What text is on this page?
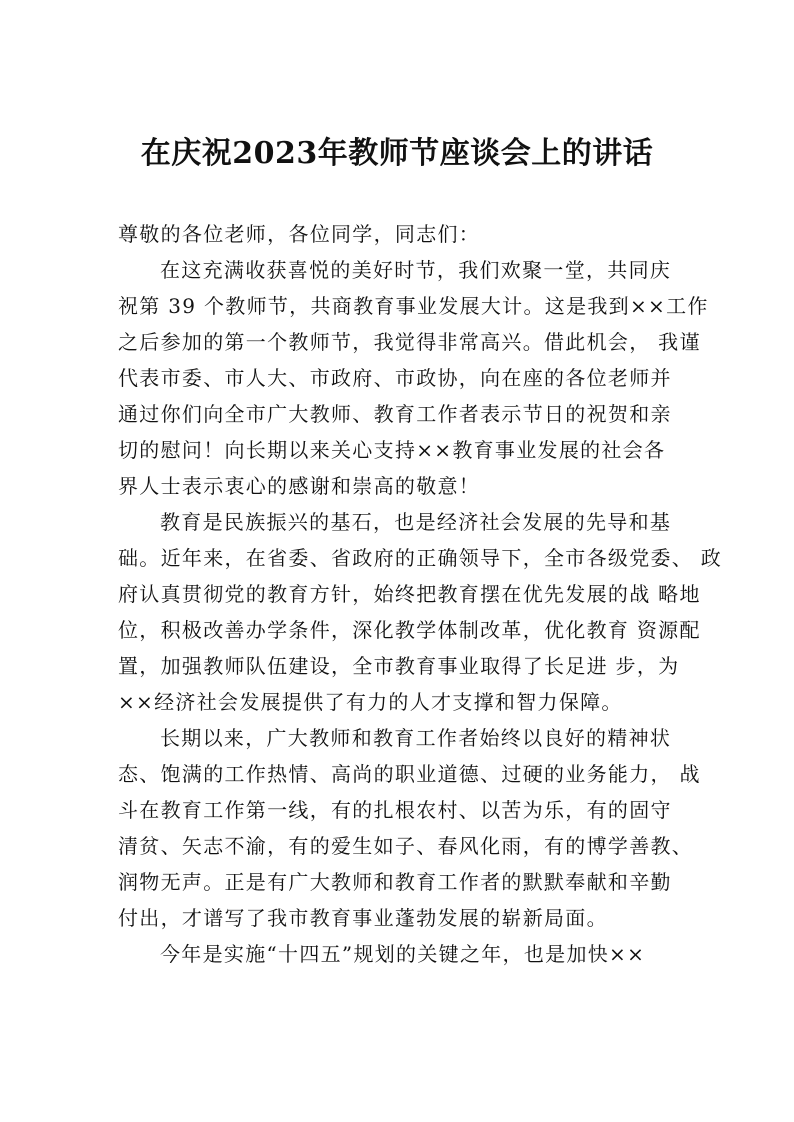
在庆祝2023年教师节座谈会上的讲话
尊敬的各位老师，各位同学，同志们：
在这充满收获喜悦的美好时节，我们欢聚一堂，共同庆
祝第 39 个教师节，共商教育事业发展大计。这是我到××工作
之后参加的第一个教师节，我觉得非常高兴。借此机会， 我谨
代表市委、市人大、市政府、市政协，向在座的各位老师并
通过你们向全市广大教师、教育工作者表示节日的祝贺和亲
切的慰问！向长期以来关心支持××教育事业发展的社会各
界人士表示衷心的感谢和崇高的敬意！
教育是民族振兴的基石，也是经济社会发展的先导和基
础。近年来，在省委、省政府的正确领导下，全市各级党委、 政
府认真贯彻党的教育方针，始终把教育摆在优先发展的战 略地
位，积极改善办学条件，深化教学体制改革，优化教育 资源配
置，加强教师队伍建设，全市教育事业取得了长足进 步，为
××经济社会发展提供了有力的人才支撑和智力保障。
长期以来，广大教师和教育工作者始终以良好的精神状
态、饱满的工作热情、高尚的职业道德、过硬的业务能力， 战
斗在教育工作第一线，有的扎根农村、以苦为乐，有的固守
清贫、矢志不渝，有的爱生如子、春风化雨，有的博学善教、
润物无声。正是有广大教师和教育工作者的默默奉献和辛勤
付出，才谱写了我市教育事业蓬勃发展的崭新局面。
今年是实施“十四五”规划的关键之年，也是加快××
